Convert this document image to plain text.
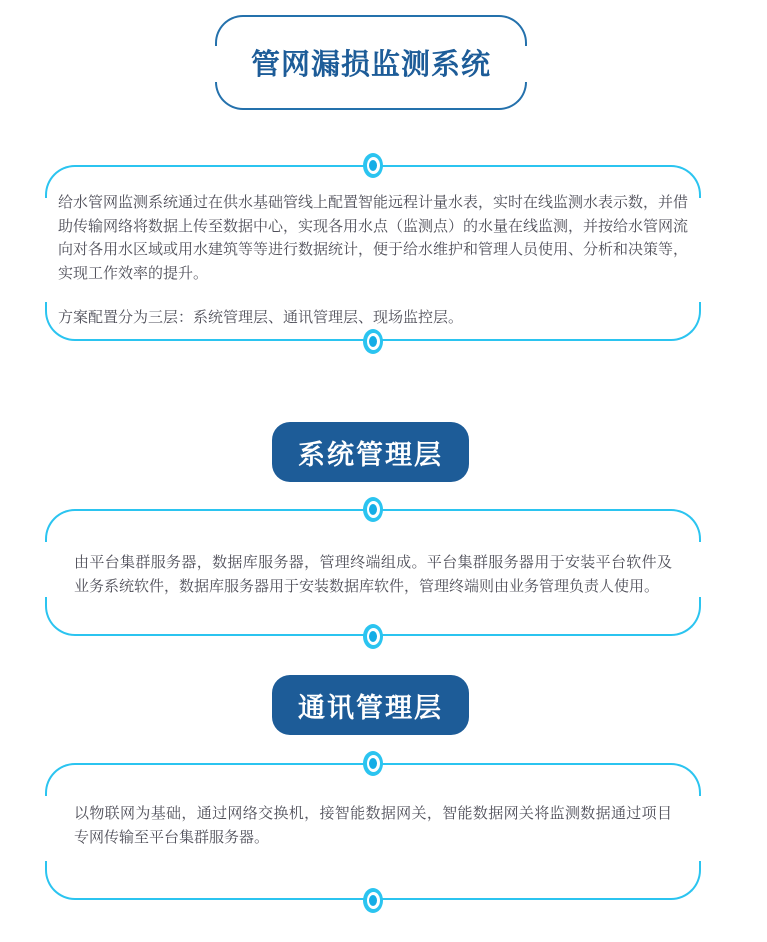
管网漏损监测系统

给水管网监测系统通过在供水基础管线上配置智能远程计量水表，实时在线监测水表示数，并借助传输网络将数据上传至数据中心，实现各用水点（监测点）的水量在线监测，并按给水管网流向对各用水区域或用水建筑等等进行数据统计，便于给水维护和管理人员使用、分析和决策等，实现工作效率的提升。

方案配置分为三层：系统管理层、通讯管理层、现场监控层。

系统管理层

由平台集群服务器，数据库服务器，管理终端组成。平台集群服务器用于安装平台软件及业务系统软件，数据库服务器用于安装数据库软件，管理终端则由业务管理负责人使用。

通讯管理层

以物联网为基础，通过网络交换机，接智能数据网关，智能数据网关将监测数据通过项目专网传输至平台集群服务器。
